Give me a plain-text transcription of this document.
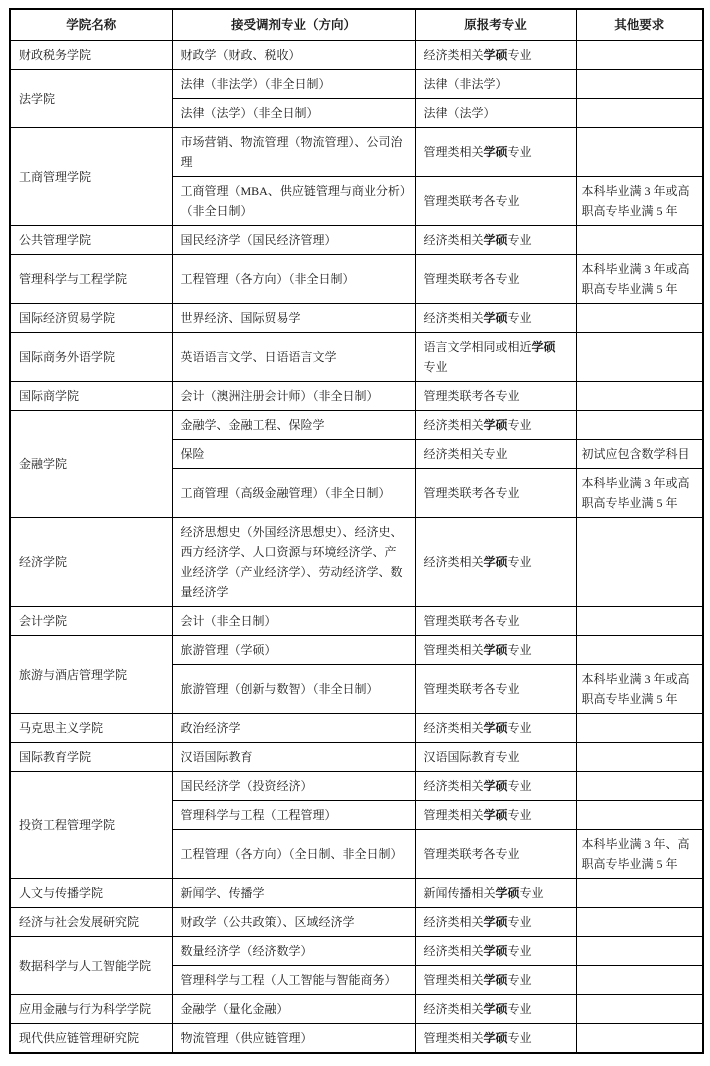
学院名称	接受调剂专业（方向）	原报考专业	其他要求
财政税务学院	财政学（财政、税收）	经济类相关学硕专业	
法学院	法律（非法学）（非全日制）	法律（非法学）	
	法律（法学）（非全日制）	法律（法学）	
工商管理学院	市场营销、物流管理（物流管理）、公司治理	管理类相关学硕专业	
	工商管理（MBA、供应链管理与商业分析）（非全日制）	管理类联考各专业	本科毕业满 3 年或高职高专毕业满 5 年
公共管理学院	国民经济学（国民经济管理）	经济类相关学硕专业	
管理科学与工程学院	工程管理（各方向）（非全日制）	管理类联考各专业	本科毕业满 3 年或高职高专毕业满 5 年
国际经济贸易学院	世界经济、国际贸易学	经济类相关学硕专业	
国际商务外语学院	英语语言文学、日语语言文学	语言文学相同或相近学硕专业	
国际商学院	会计（澳洲注册会计师）（非全日制）	管理类联考各专业	
金融学院	金融学、金融工程、保险学	经济类相关学硕专业	
	保险	经济类相关专业	初试应包含数学科目
	工商管理（高级金融管理）（非全日制）	管理类联考各专业	本科毕业满 3 年或高职高专毕业满 5 年
经济学院	经济思想史（外国经济思想史）、经济史、西方经济学、人口资源与环境经济学、产业经济学（产业经济学）、劳动经济学、数量经济学	经济类相关学硕专业	
会计学院	会计（非全日制）	管理类联考各专业	
旅游与酒店管理学院	旅游管理（学硕）	管理类相关学硕专业	
	旅游管理（创新与数智）（非全日制）	管理类联考各专业	本科毕业满 3 年或高职高专毕业满 5 年
马克思主义学院	政治经济学	经济类相关学硕专业	
国际教育学院	汉语国际教育	汉语国际教育专业	
投资工程管理学院	国民经济学（投资经济）	经济类相关学硕专业	
	管理科学与工程（工程管理）	管理类相关学硕专业	
	工程管理（各方向）（全日制、非全日制）	管理类联考各专业	本科毕业满 3 年、高职高专毕业满 5 年
人文与传播学院	新闻学、传播学	新闻传播相关学硕专业	
经济与社会发展研究院	财政学（公共政策）、区域经济学	经济类相关学硕专业	
数据科学与人工智能学院	数量经济学（经济数学）	经济类相关学硕专业	
	管理科学与工程（人工智能与智能商务）	管理类相关学硕专业	
应用金融与行为科学学院	金融学（量化金融）	经济类相关学硕专业	
现代供应链管理研究院	物流管理（供应链管理）	管理类相关学硕专业	
